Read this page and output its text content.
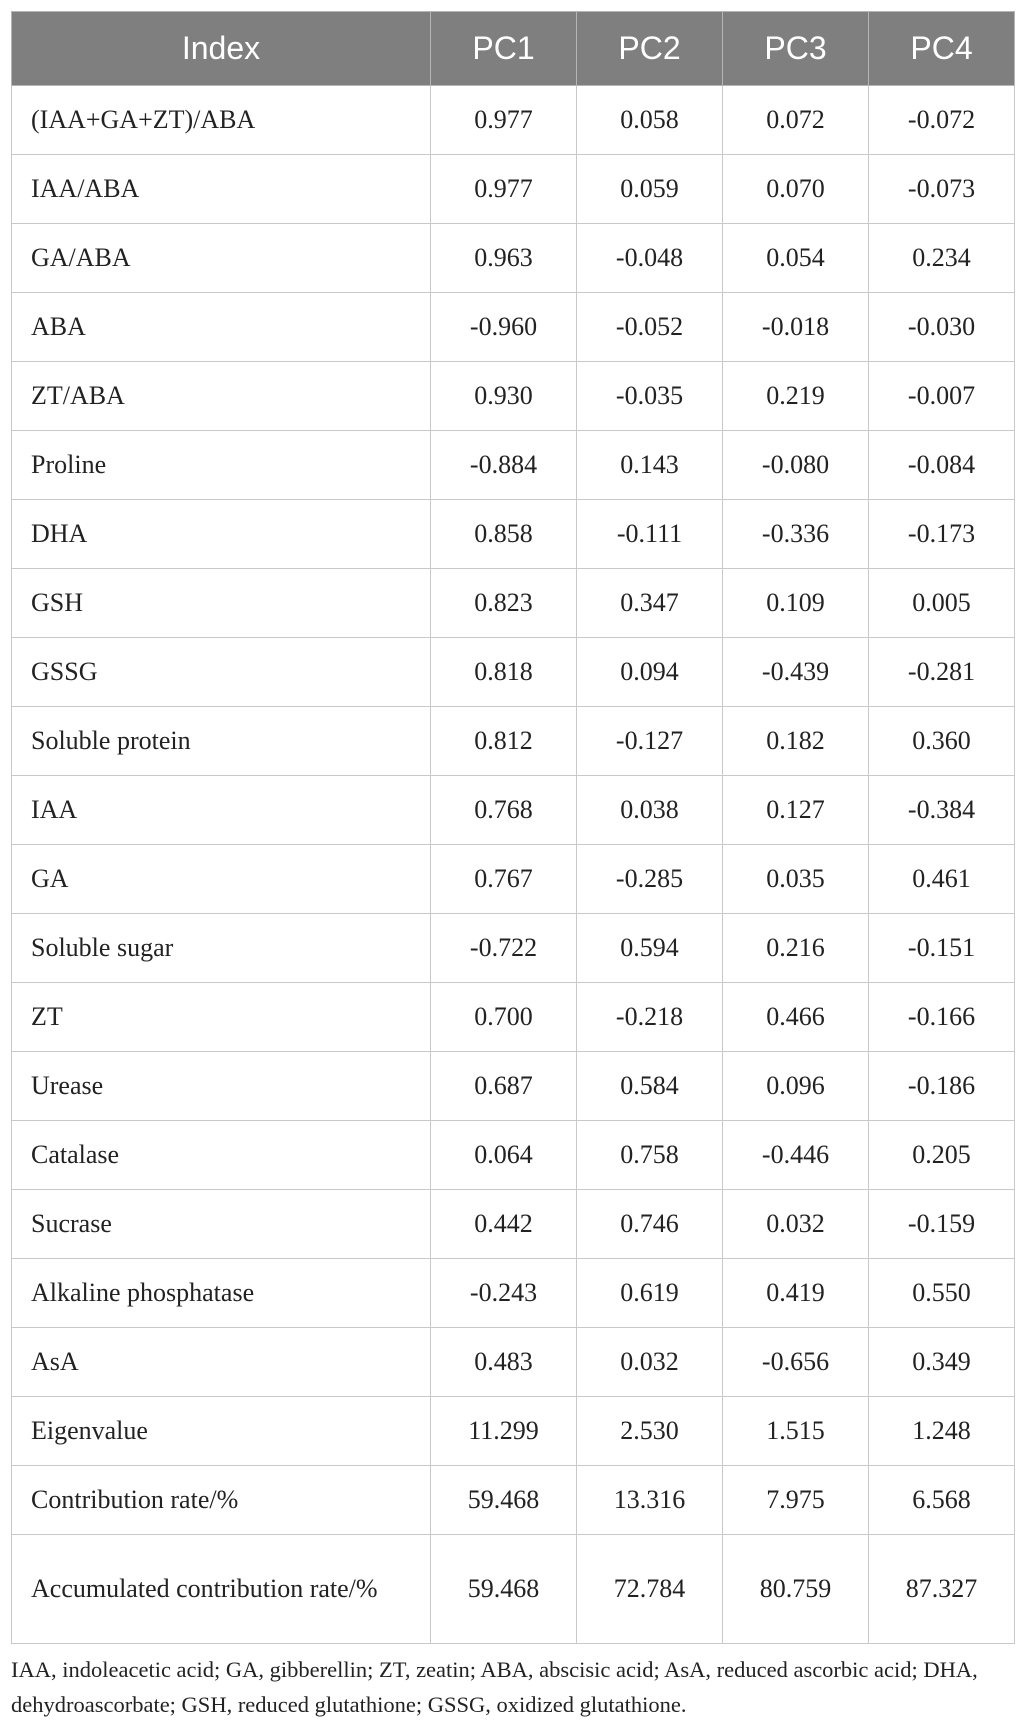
Index	PC1	PC2	PC3	PC4
(IAA+GA+ZT)/ABA	0.977	0.058	0.072	-0.072
IAA/ABA	0.977	0.059	0.070	-0.073
GA/ABA	0.963	-0.048	0.054	0.234
ABA	-0.960	-0.052	-0.018	-0.030
ZT/ABA	0.930	-0.035	0.219	-0.007
Proline	-0.884	0.143	-0.080	-0.084
DHA	0.858	-0.111	-0.336	-0.173
GSH	0.823	0.347	0.109	0.005
GSSG	0.818	0.094	-0.439	-0.281
Soluble protein	0.812	-0.127	0.182	0.360
IAA	0.768	0.038	0.127	-0.384
GA	0.767	-0.285	0.035	0.461
Soluble sugar	-0.722	0.594	0.216	-0.151
ZT	0.700	-0.218	0.466	-0.166
Urease	0.687	0.584	0.096	-0.186
Catalase	0.064	0.758	-0.446	0.205
Sucrase	0.442	0.746	0.032	-0.159
Alkaline phosphatase	-0.243	0.619	0.419	0.550
AsA	0.483	0.032	-0.656	0.349
Eigenvalue	11.299	2.530	1.515	1.248
Contribution rate/%	59.468	13.316	7.975	6.568
Accumulated contribution rate/%	59.468	72.784	80.759	87.327

IAA, indoleacetic acid; GA, gibberellin; ZT, zeatin; ABA, abscisic acid; AsA, reduced ascorbic acid; DHA, dehydroascorbate; GSH, reduced glutathione; GSSG, oxidized glutathione.
